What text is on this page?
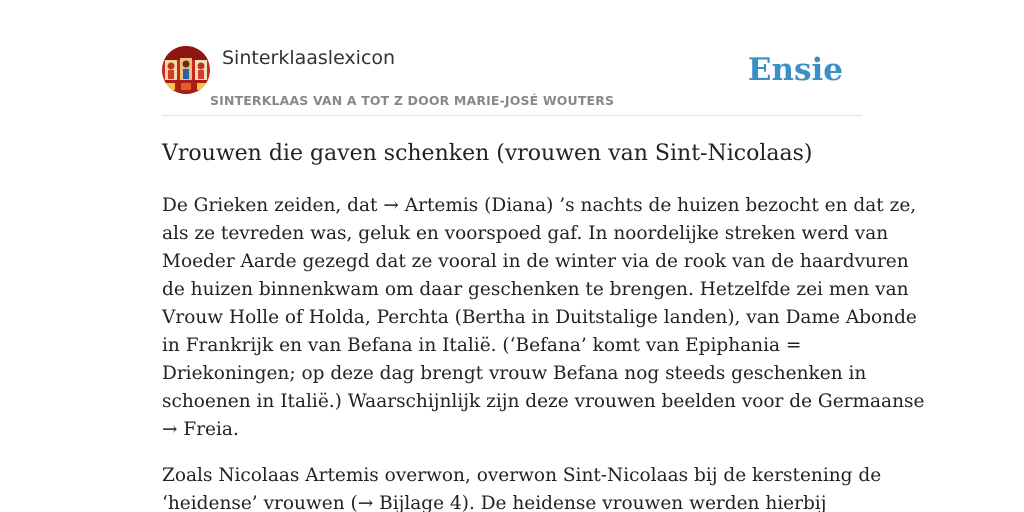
Sinterklaaslexicon
SINTERKLAAS VAN A TOT Z DOOR MARIE-JOSÉ WOUTERS
Ensie
Vrouwen die gaven schenken (vrouwen van Sint-Nicolaas)

De Grieken zeiden, dat → Artemis (Diana) ’s nachts de huizen bezocht en dat ze,
als ze tevreden was, geluk en voorspoed gaf. In noordelijke streken werd van
Moeder Aarde gezegd dat ze vooral in de winter via de rook van de haardvuren
de huizen binnenkwam om daar geschenken te brengen. Hetzelfde zei men van
Vrouw Holle of Holda, Perchta (Bertha in Duitstalige landen), van Dame Abonde
in Frankrijk en van Befana in Italië. (‘Befana’ komt van Epiphania =
Driekoningen; op deze dag brengt vrouw Befana nog steeds geschenken in
schoenen in Italië.) Waarschijnlijk zijn deze vrouwen beelden voor de Germaanse
→ Freia.

Zoals Nicolaas Artemis overwon, overwon Sint-Nicolaas bij de kerstening de
‘heidense’ vrouwen (→ Bijlage 4). De heidense vrouwen werden hierbij
